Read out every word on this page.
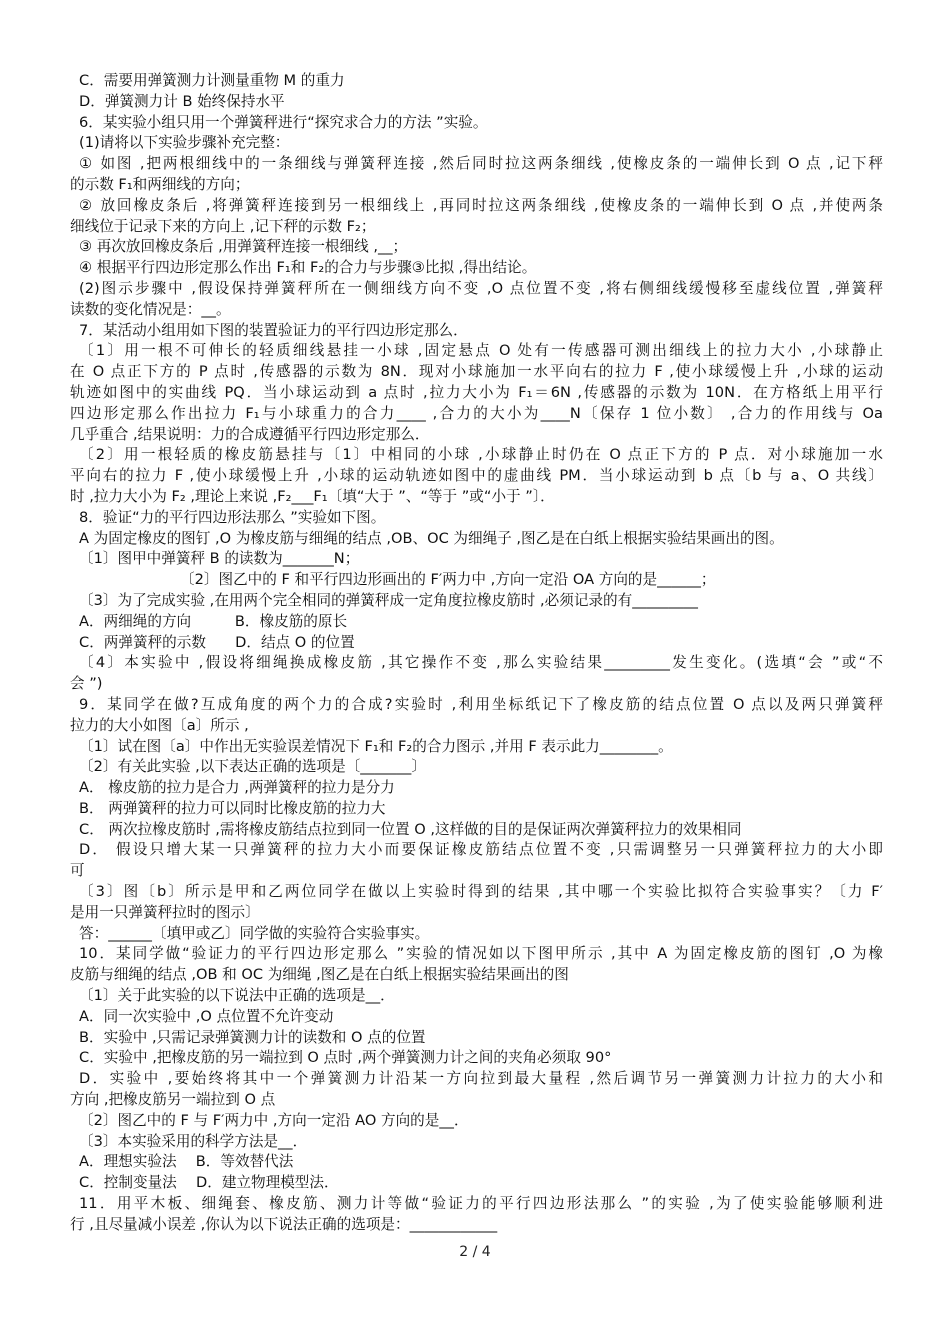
C．需要用弹簧测力计测量重物 M 的重力
D．弹簧测力计 B 始终保持水平
6．某实验小组只用一个弹簧秤进行“探究求合力的方法 ”实验。
(1)请将以下实验步骤补充完整：
① 如图 ,把两根细线中的一条细线与弹簧秤连接 ,然后同时拉这两条细线 ,使橡皮条的一端伸长到 O 点 ,记下秤
的示数 F₁和两细线的方向；
② 放回橡皮条后 ,将弹簧秤连接到另一根细线上 ,再同时拉这两条细线 ,使橡皮条的一端伸长到 O 点 ,并使两条
细线位于记录下来的方向上 ,记下秤的示数 F₂；
③ 再次放回橡皮条后 ,用弹簧秤连接一根细线 ,__；
④ 根据平行四边形定那么作出 F₁和 F₂的合力与步骤③比拟 ,得出结论。
(2)图示步骤中 ,假设保持弹簧秤所在一侧细线方向不变 ,O 点位置不变 ,将右侧细线缓慢移至虚线位置 ,弹簧秤
读数的变化情况是：__。
7．某活动小组用如下图的装置验证力的平行四边形定那么．
〔1〕用一根不可伸长的轻质细线悬挂一小球 ,固定悬点 O 处有一传感器可测出细线上的拉力大小 ,小球静止
在 O 点正下方的 P 点时 ,传感器的示数为 8N．现对小球施加一水平向右的拉力 F ,使小球缓慢上升 ,小球的运动
轨迹如图中的实曲线 PQ．当小球运动到 a 点时 ,拉力大小为 F₁＝6N ,传感器的示数为 10N．在方格纸上用平行
四边形定那么作出拉力 F₁与小球重力的合力____ ,合力的大小为____N〔保存 1 位小数〕 ,合力的作用线与 Oa
几乎重合 ,结果说明：力的合成遵循平行四边形定那么．
〔2〕用一根轻质的橡皮筋悬挂与〔1〕中相同的小球 ,小球静止时仍在 O 点正下方的 P 点．对小球施加一水
平向右的拉力 F ,使小球缓慢上升 ,小球的运动轨迹如图中的虚曲线 PM．当小球运动到 b 点〔b 与 a、O 共线〕
时 ,拉力大小为 F₂ ,理论上来说 ,F₂___F₁〔填“大于 ”、“等于 ”或“小于 ”〕．
8．验证“力的平行四边形法那么 ”实验如下图。
A 为固定橡皮的图钉 ,O 为橡皮筋与细绳的结点 ,OB、OC 为细绳子 ,图乙是在白纸上根据实验结果画出的图。
〔1〕图甲中弹簧秤 B 的读数为_______N；
〔2〕图乙中的 F 和平行四边形画出的 F′两力中 ,方向一定沿 OA 方向的是______；
〔3〕为了完成实验 ,在用两个完全相同的弹簧秤成一定角度拉橡皮筋时 ,必须记录的有_________
A．两细绳的方向　　　B．橡皮筋的原长
C．两弹簧秤的示数　　D．结点 O 的位置
〔4〕本实验中 ,假设将细绳换成橡皮筋 ,其它操作不变 ,那么实验结果_________发生变化。(选填“会 ”或“不
会 ”)
9．某同学在做?互成角度的两个力的合成?实验时 ,利用坐标纸记下了橡皮筋的结点位置 O 点以及两只弹簧秤
拉力的大小如图〔a〕所示 ,
〔1〕试在图〔a〕中作出无实验误差情况下 F₁和 F₂的合力图示 ,并用 F 表示此力________。
〔2〕有关此实验 ,以下表达正确的选项是〔_______〕
A． 橡皮筋的拉力是合力 ,两弹簧秤的拉力是分力
B． 两弹簧秤的拉力可以同时比橡皮筋的拉力大
C． 两次拉橡皮筋时 ,需将橡皮筋结点拉到同一位置 O ,这样做的目的是保证两次弹簧秤拉力的效果相同
D． 假设只增大某一只弹簧秤的拉力大小而要保证橡皮筋结点位置不变 ,只需调整另一只弹簧秤拉力的大小即
可
〔3〕图〔b〕所示是甲和乙两位同学在做以上实验时得到的结果 ,其中哪一个实验比拟符合实验事实？〔力 F′
是用一只弹簧秤拉时的图示〕
答：______〔填甲或乙〕同学做的实验符合实验事实。
10．某同学做“验证力的平行四边形定那么 ”实验的情况如以下图甲所示 ,其中 A 为固定橡皮筋的图钉 ,O 为橡
皮筋与细绳的结点 ,OB 和 OC 为细绳 ,图乙是在白纸上根据实验结果画出的图
〔1〕关于此实验的以下说法中正确的选项是__．
A．同一次实验中 ,O 点位置不允许变动
B．实验中 ,只需记录弹簧测力计的读数和 O 点的位置
C．实验中 ,把橡皮筋的另一端拉到 O 点时 ,两个弹簧测力计之间的夹角必须取 90°
D．实验中 ,要始终将其中一个弹簧测力计沿某一方向拉到最大量程 ,然后调节另一弹簧测力计拉力的大小和
方向 ,把橡皮筋另一端拉到 O 点
〔2〕图乙中的 F 与 F′两力中 ,方向一定沿 AO 方向的是__．
〔3〕本实验采用的科学方法是__．
A．理想实验法　 B．等效替代法
C．控制变量法　 D．建立物理模型法．
11．用平木板、细绳套、橡皮筋、测力计等做“验证力的平行四边形法那么 ”的实验 ,为了使实验能够顺利进
行 ,且尽量减小误差 ,你认为以下说法正确的选项是：____________
2 / 4
